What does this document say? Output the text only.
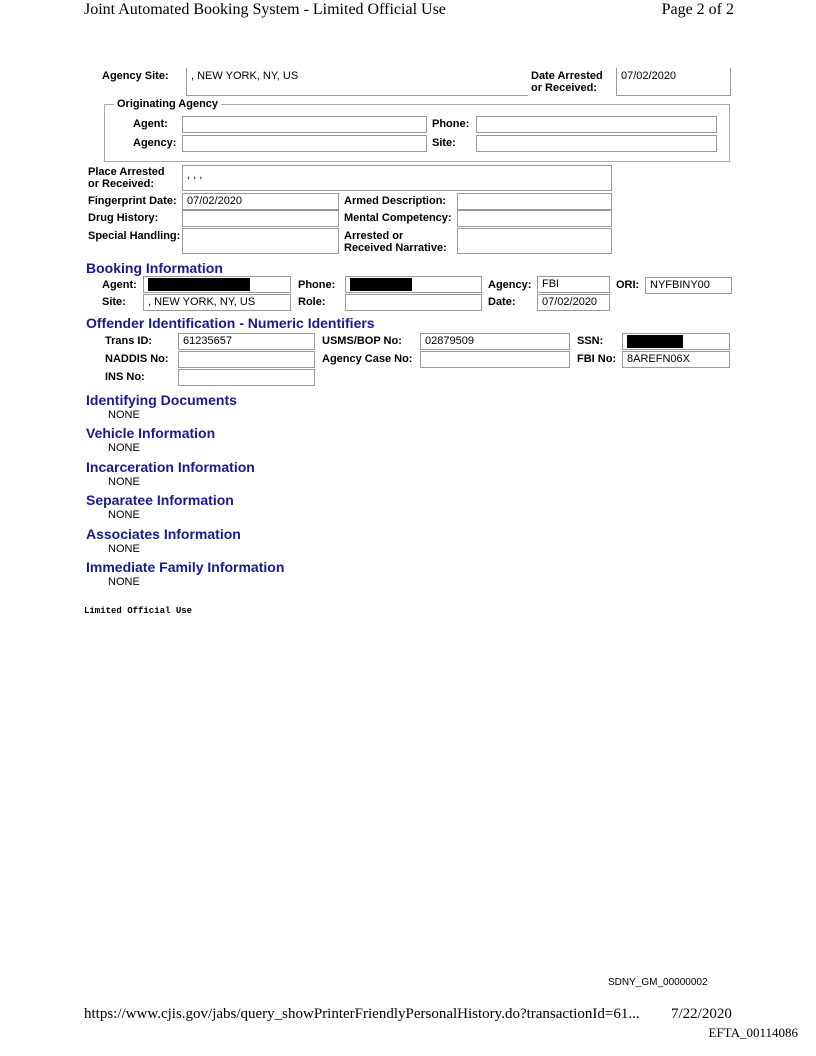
Joint Automated Booking System - Limited Official Use	Page 2 of 2
Agency Site: , NEW YORK, NY, US	Date Arrested or Received:
07/02/2020
Originating Agency
Agent:	Phone:
Agency:	Site:
Place Arrested or Received:
, , ,
Fingerprint Date: 07/02/2020	Armed Description:
Drug History:	Mental Competency:
Special Handling:	Arrested or Received Narrative:
Booking Information
Agent:	Phone:	Agency: FBI	ORI: NYFBINY00
Site:	, NEW YORK, NY, US	Role:	Date:	07/02/2020
Offender Identification - Numeric Identifiers
Trans ID:	61235657	USMS/BOP No:	02879509	SSN:
NADDIS No:	Agency Case No:	FBI No: 8AREFN06X
INS No:
Identifying Documents
NONE
Vehicle Information
NONE
Incarceration Information
NONE
Separatee Information
NONE
Associates Information
NONE
Immediate Family Information
NONE
Limited Official Use
SDNY_GM_00000002
https://www.cjis.gov/jabs/query_showPrinterFriendlyPersonalHistory.do?transactionId=61... 7/22/2020
EFTA_00114086
